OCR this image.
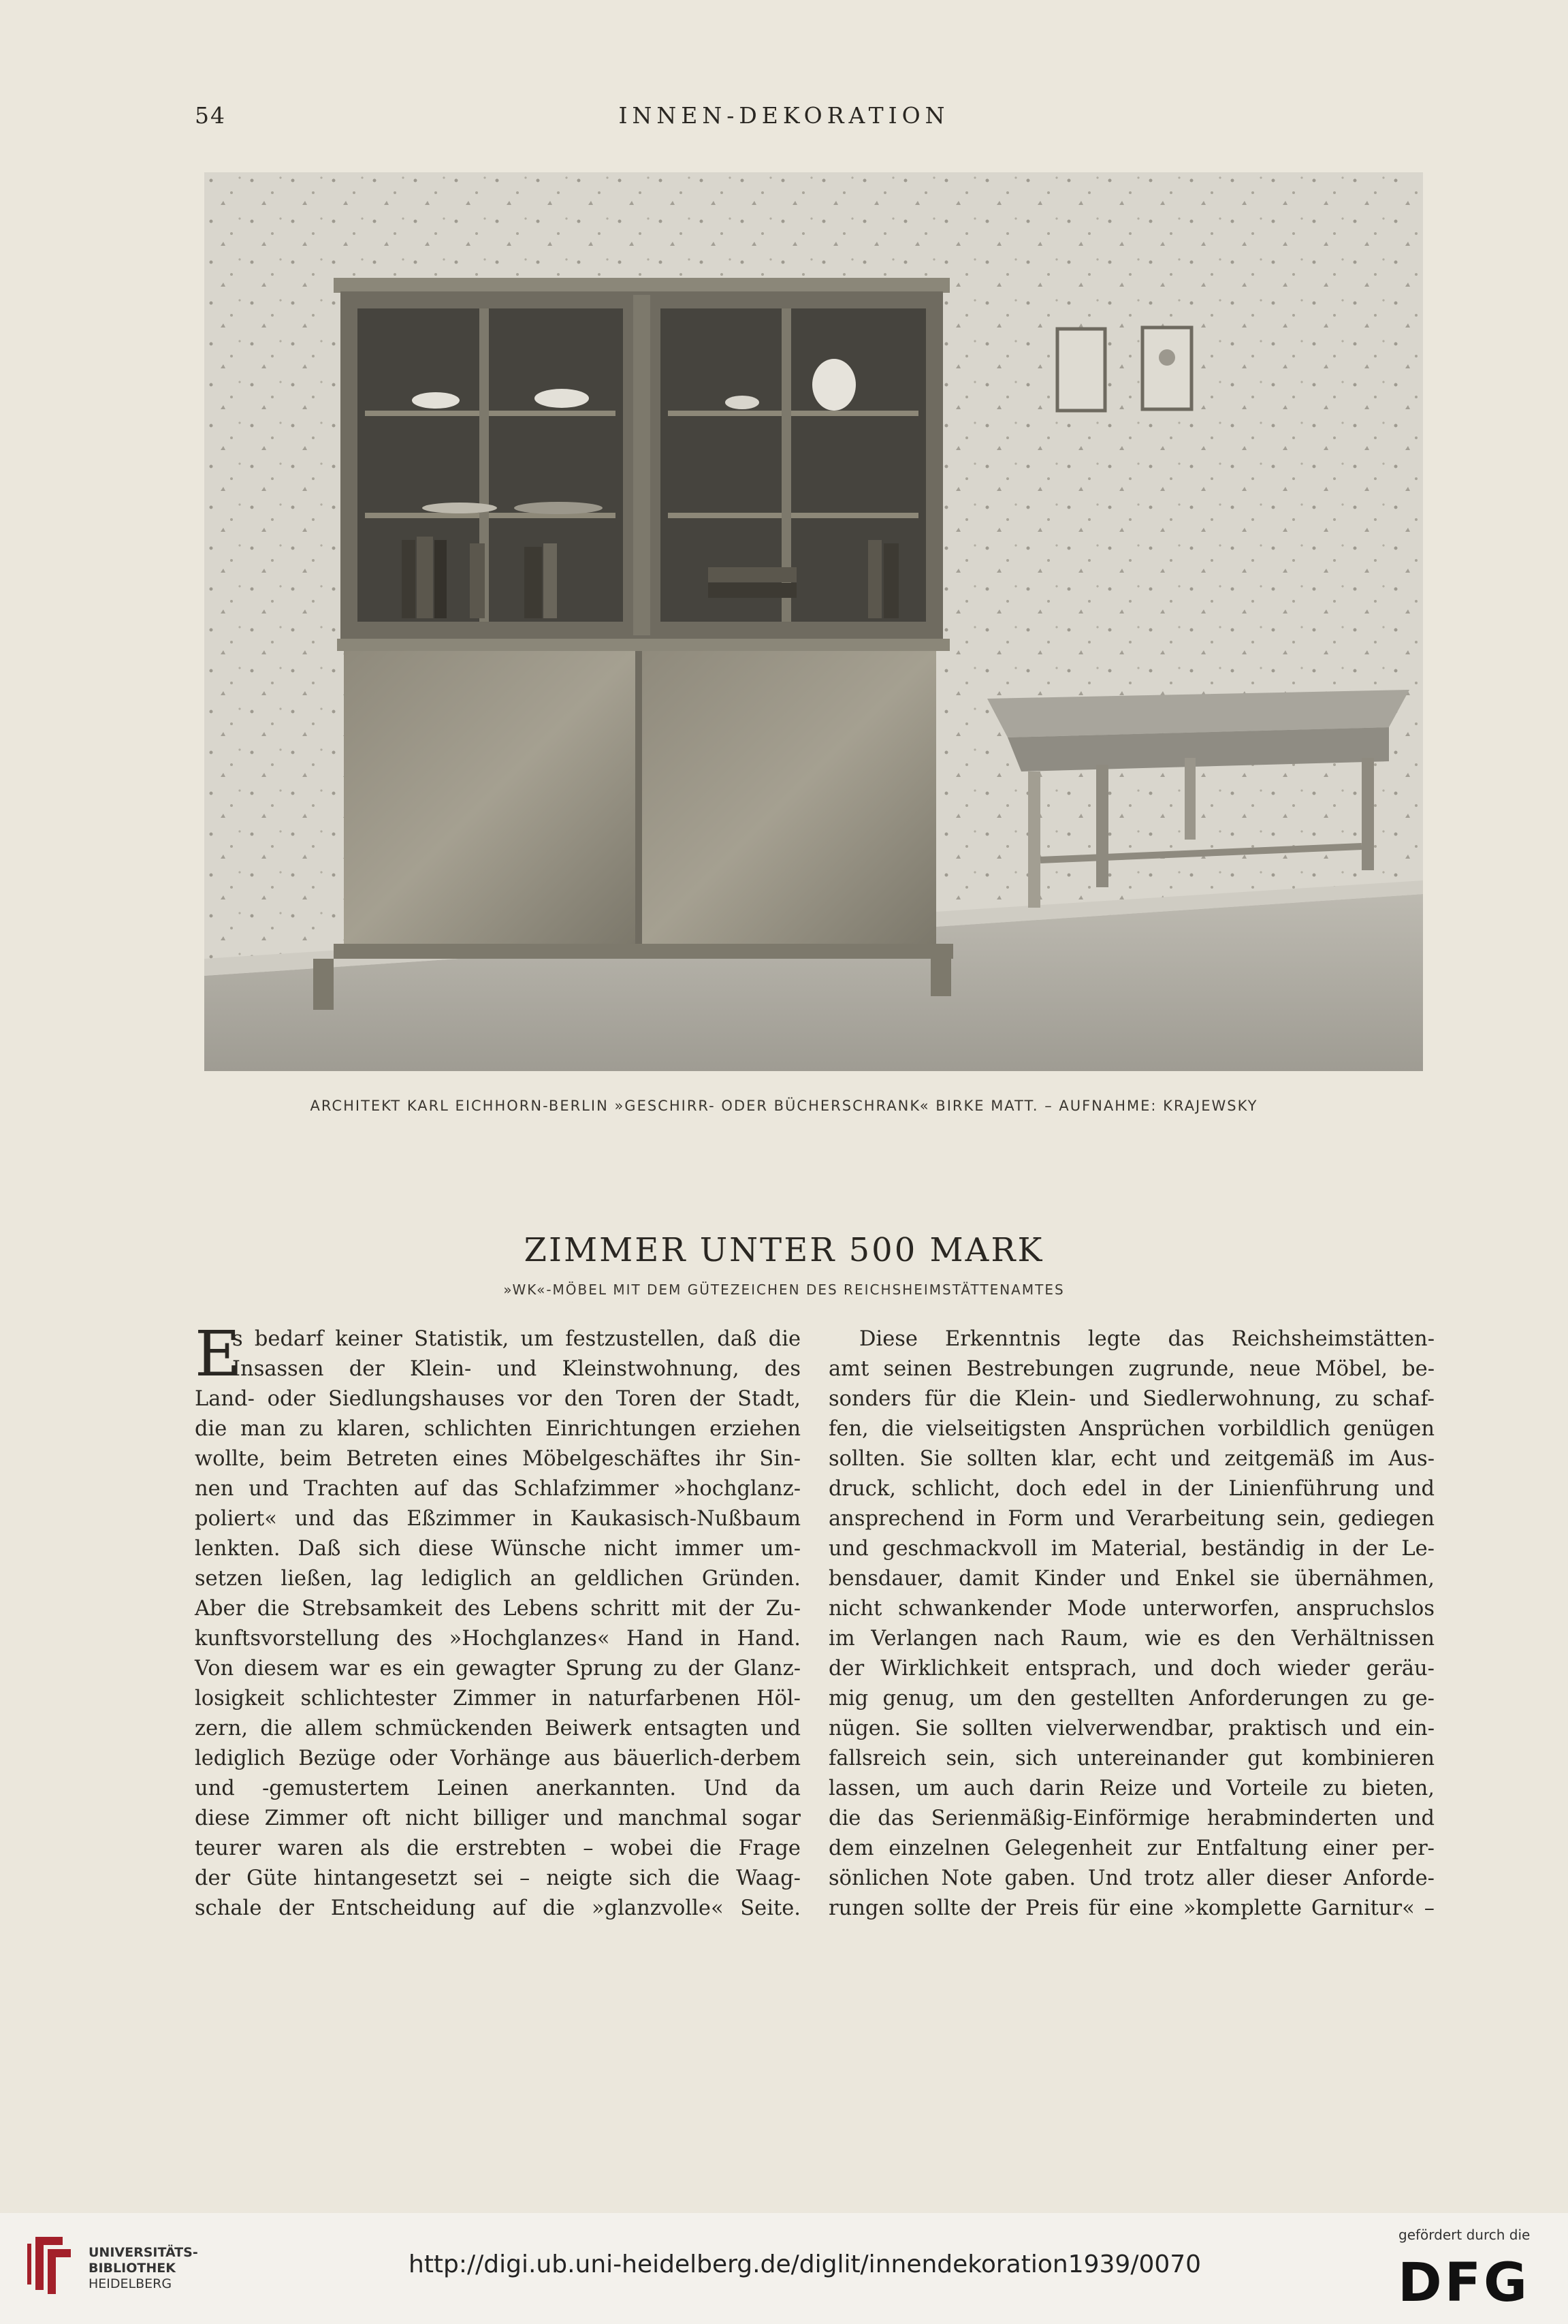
INNEN-DEKORATION
54
ARCHITEKT KARL EICHHORN-BERLIN »GESCHIRR- ODER BÜCHERSCHRANK« BIRKE MATT. – AUFNAHME: KRAJEWSKY
ZIMMER UNTER 500 MARK
»WK«-MÖBEL MIT DEM GÜTEZEICHEN DES REICHSHEIMSTÄTTENAMTES
E
s bedarf keiner Statistik, um festzustellen, daß die
Insassen der Klein- und Kleinstwohnung, des
Land- oder Siedlungshauses vor den Toren der Stadt,
die man zu klaren, schlichten Einrichtungen erziehen
wollte, beim Betreten eines Möbelgeschäftes ihr Sin-
nen und Trachten auf das Schlafzimmer »hochglanz-
poliert« und das Eßzimmer in Kaukasisch-Nußbaum
lenkten. Daß sich diese Wünsche nicht immer um-
setzen ließen, lag lediglich an geldlichen Gründen.
Aber die Strebsamkeit des Lebens schritt mit der Zu-
kunftsvorstellung des »Hochglanzes« Hand in Hand.
Von diesem war es ein gewagter Sprung zu der Glanz-
losigkeit schlichtester Zimmer in naturfarbenen Höl-
zern, die allem schmückenden Beiwerk entsagten und
lediglich Bezüge oder Vorhänge aus bäuerlich-derbem
und -gemustertem Leinen anerkannten. Und da
diese Zimmer oft nicht billiger und manchmal sogar
teurer waren als die erstrebten – wobei die Frage
der Güte hintangesetzt sei – neigte sich die Waag-
schale der Entscheidung auf die »glanzvolle« Seite.
Diese Erkenntnis legte das Reichsheimstätten-
amt seinen Bestrebungen zugrunde, neue Möbel, be-
sonders für die Klein- und Siedlerwohnung, zu schaf-
fen, die vielseitigsten Ansprüchen vorbildlich genügen
sollten. Sie sollten klar, echt und zeitgemäß im Aus-
druck, schlicht, doch edel in der Linienführung und
ansprechend in Form und Verarbeitung sein, gediegen
und geschmackvoll im Material, beständig in der Le-
bensdauer, damit Kinder und Enkel sie übernähmen,
nicht schwankender Mode unterworfen, anspruchslos
im Verlangen nach Raum, wie es den Verhältnissen
der Wirklichkeit entsprach, und doch wieder geräu-
mig genug, um den gestellten Anforderungen zu ge-
nügen. Sie sollten vielverwendbar, praktisch und ein-
fallsreich sein, sich untereinander gut kombinieren
lassen, um auch darin Reize und Vorteile zu bieten,
die das Serienmäßig-Einförmige herabminderten und
dem einzelnen Gelegenheit zur Entfaltung einer per-
sönlichen Note gaben. Und trotz aller dieser Anforde-
rungen sollte der Preis für eine »komplette Garnitur« –
UNIVERSITÄTS-
BIBLIOTHEK
HEIDELBERG
http://digi.ub.uni-heidelberg.de/diglit/innendekoration1939/0070
gefördert durch die
DFG
